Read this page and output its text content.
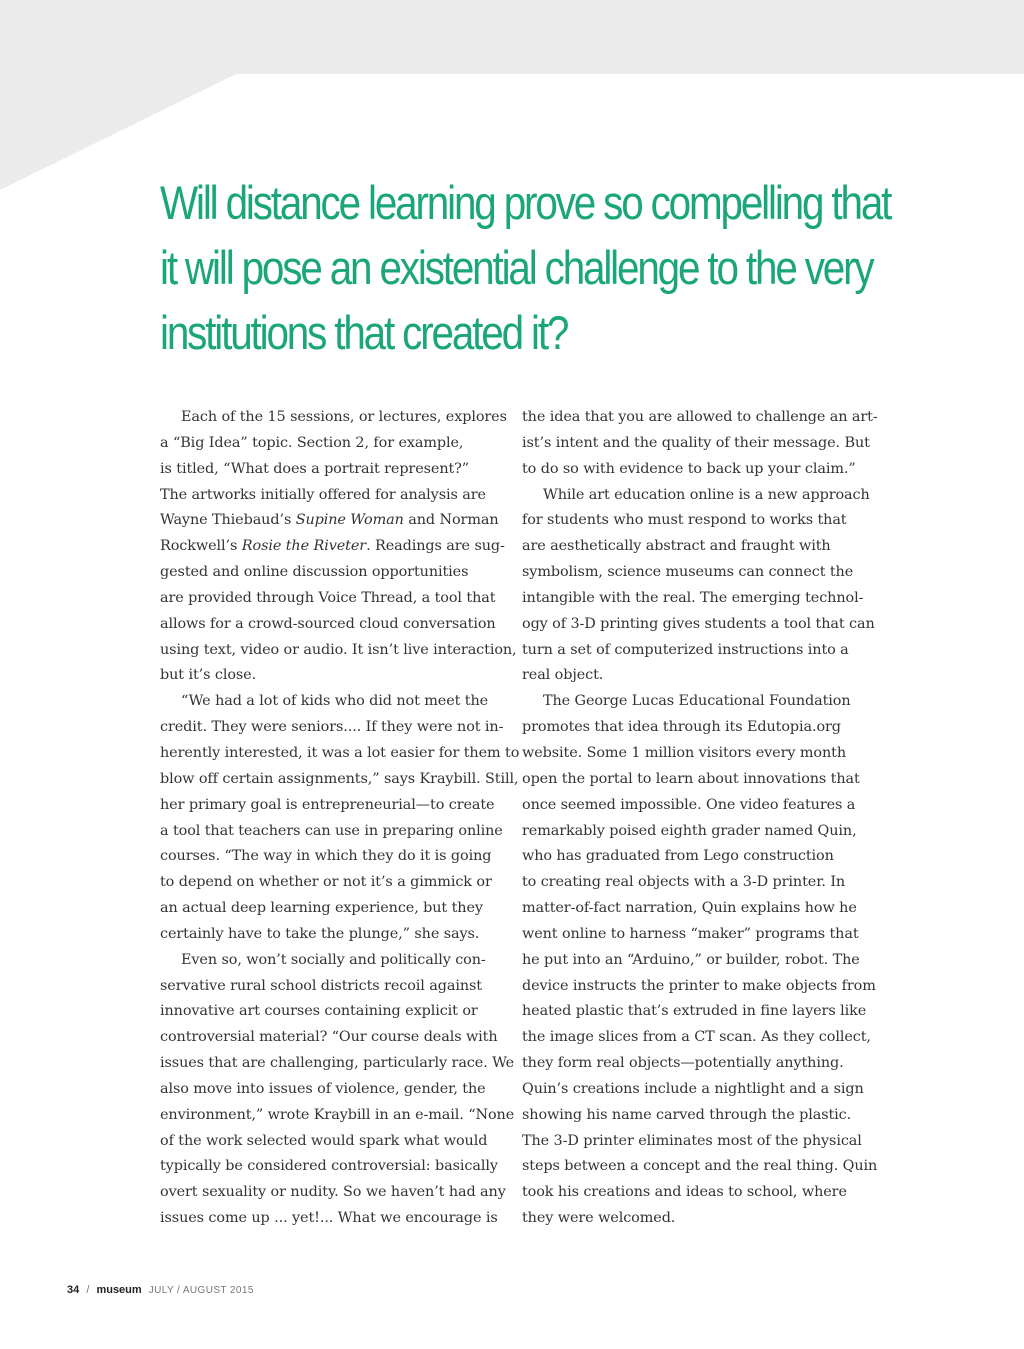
Will distance learning prove so compelling that
it will pose an existential challenge to the very
institutions that created it?
Each of the 15 sessions, or lectures, explores
a “Big Idea” topic. Section 2, for example,
is titled, “What does a portrait represent?”
The artworks initially offered for analysis are
Wayne Thiebaud’s Supine Woman and Norman
Rockwell’s Rosie the Riveter. Readings are sug-
gested and online discussion opportunities
are provided through Voice Thread, a tool that
allows for a crowd-sourced cloud conversation
using text, video or audio. It isn’t live interaction,
but it’s close.
“We had a lot of kids who did not meet the
credit. They were seniors.... If they were not in-
herently interested, it was a lot easier for them to
blow off certain assignments,” says Kraybill. Still,
her primary goal is entrepreneurial—to create
a tool that teachers can use in preparing online
courses. “The way in which they do it is going
to depend on whether or not it’s a gimmick or
an actual deep learning experience, but they
certainly have to take the plunge,” she says.
Even so, won’t socially and politically con-
servative rural school districts recoil against
innovative art courses containing explicit or
controversial material? “Our course deals with
issues that are challenging, particularly race. We
also move into issues of violence, gender, the
environment,” wrote Kraybill in an e-mail. “None
of the work selected would spark what would
typically be considered controversial: basically
overt sexuality or nudity. So we haven’t had any
issues come up ... yet!... What we encourage is
the idea that you are allowed to challenge an art-
ist’s intent and the quality of their message. But
to do so with evidence to back up your claim.”
While art education online is a new approach
for students who must respond to works that
are aesthetically abstract and fraught with
symbolism, science museums can connect the
intangible with the real. The emerging technol-
ogy of 3-D printing gives students a tool that can
turn a set of computerized instructions into a
real object.
The George Lucas Educational Foundation
promotes that idea through its Edutopia.org
website. Some 1 million visitors every month
open the portal to learn about innovations that
once seemed impossible. One video features a
remarkably poised eighth grader named Quin,
who has graduated from Lego construction
to creating real objects with a 3-D printer. In
matter-of-fact narration, Quin explains how he
went online to harness “maker” programs that
he put into an “Arduino,” or builder, robot. The
device instructs the printer to make objects from
heated plastic that’s extruded in fine layers like
the image slices from a CT scan. As they collect,
they form real objects—potentially anything.
Quin’s creations include a nightlight and a sign
showing his name carved through the plastic.
The 3-D printer eliminates most of the physical
steps between a concept and the real thing. Quin
took his creations and ideas to school, where
they were welcomed.
34 / museum JULY / AUGUST 2015
